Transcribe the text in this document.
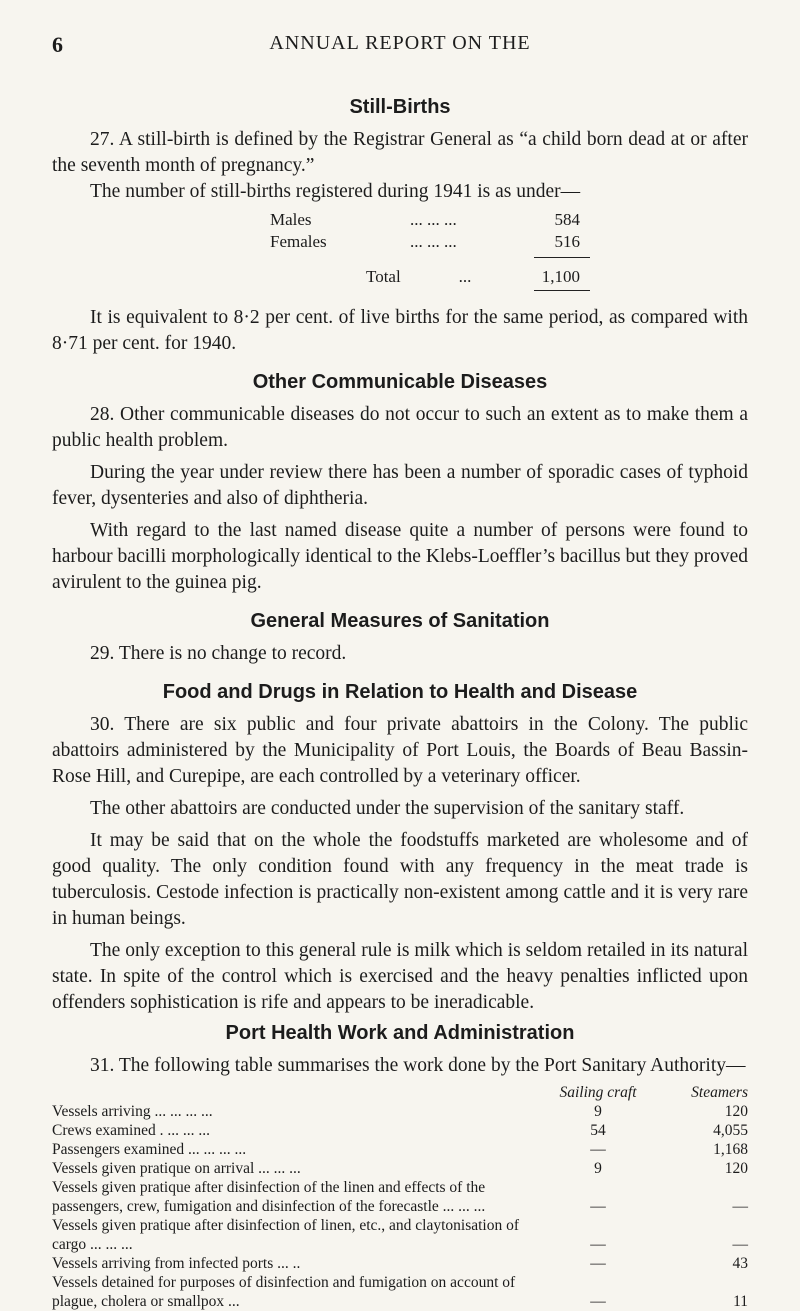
6	ANNUAL REPORT ON THE
Still-Births

27. A still-birth is defined by the Registrar General as “a child born dead at or after the seventh month of pregnancy.”

The number of still-births registered during 1941 is as under—

Males	... ... ...	584
Females	... ... ...	516
Total	...	1,100

It is equivalent to 8·2 per cent. of live births for the same period, as compared with 8·71 per cent. for 1940.

Other Communicable Diseases

28. Other communicable diseases do not occur to such an extent as to make them a public health problem.

During the year under review there has been a number of sporadic cases of typhoid fever, dysenteries and also of diphtheria.

With regard to the last named disease quite a number of persons were found to harbour bacilli morphologically identical to the Klebs-Loeffler’s bacillus but they proved avirulent to the guinea pig.

General Measures of Sanitation

29. There is no change to record.

Food and Drugs in Relation to Health and Disease

30. There are six public and four private abattoirs in the Colony. The public abattoirs administered by the Municipality of Port Louis, the Boards of Beau Bassin-Rose Hill, and Curepipe, are each controlled by a veterinary officer.

The other abattoirs are conducted under the supervision of the sanitary staff.

It may be said that on the whole the foodstuffs marketed are wholesome and of good quality. The only condition found with any frequency in the meat trade is tuberculosis. Cestode infection is practically non-existent among cattle and it is very rare in human beings.

The only exception to this general rule is milk which is seldom retailed in its natural state. In spite of the control which is exercised and the heavy penalties inflicted upon offenders sophistication is rife and appears to be ineradicable.

Port Health Work and Administration

31. The following table summarises the work done by the Port Sanitary Authority—

Sailing craft	Steamers
Vessels arriving ... ... ... ...	9	120
Crews examined . ... ... ...	54	4,055
Passengers examined ... ... ... ...	—	1,168
Vessels given pratique on arrival ... ... ...	9	120
Vessels given pratique after disinfection of the linen and effects of the passengers, crew, fumigation and disinfection of the forecastle ... ... ...	—	—
Vessels given pratique after disinfection of linen, etc., and claytonisation of cargo ... ... ...	—	—
Vessels arriving from infected ports ... ..	—	43
Vessels detained for purposes of disinfection and fumigation on account of plague, cholera or smallpox ...	—	11
